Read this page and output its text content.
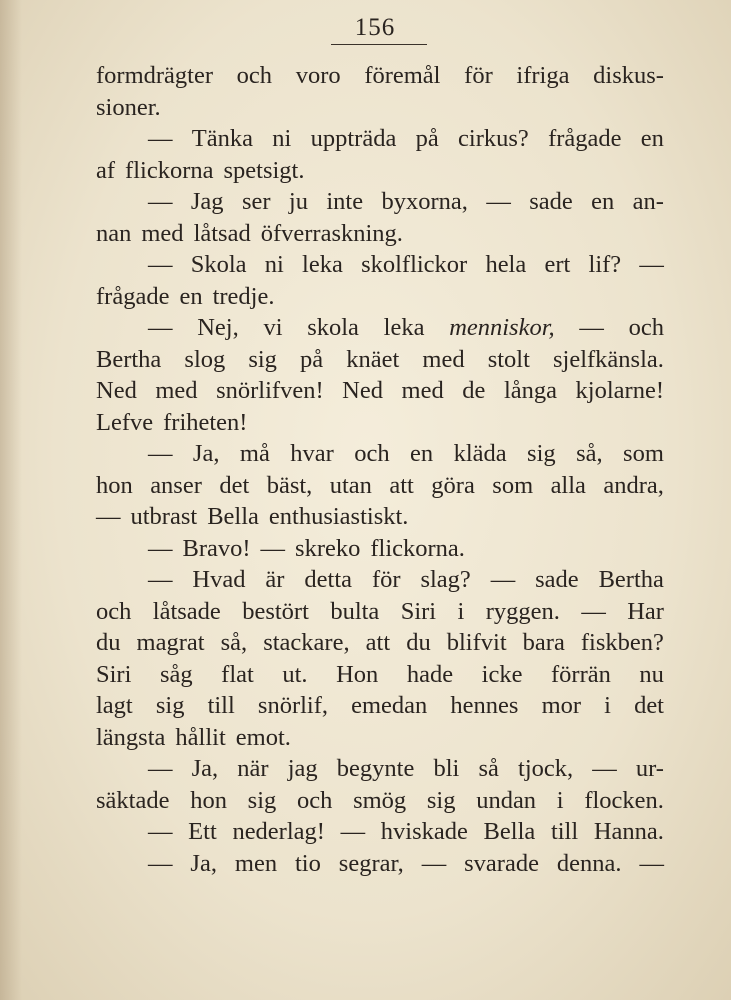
156
formdrägter och voro föremål för ifriga diskus-
sioner.
— Tänka ni uppträda på cirkus? frågade en
af flickorna spetsigt.
— Jag ser ju inte byxorna, — sade en an-
nan med låtsad öfverraskning.
— Skola ni leka skolflickor hela ert lif? —
frågade en tredje.
— Nej, vi skola leka menniskor, — och
Bertha slog sig på knäet med stolt sjelfkänsla.
Ned med snörlifven! Ned med de långa kjolarne!
Lefve friheten!
— Ja, må hvar och en kläda sig så, som
hon anser det bäst, utan att göra som alla andra,
— utbrast Bella enthusiastiskt.
— Bravo! — skreko flickorna.
— Hvad är detta för slag? — sade Bertha
och låtsade bestört bulta Siri i ryggen. — Har
du magrat så, stackare, att du blifvit bara fiskben?
Siri såg flat ut. Hon hade icke förrän nu
lagt sig till snörlif, emedan hennes mor i det
längsta hållit emot.
— Ja, när jag begynte bli så tjock, — ur-
säktade hon sig och smög sig undan i flocken.
— Ett nederlag! — hviskade Bella till Hanna.
— Ja, men tio segrar, — svarade denna. —
